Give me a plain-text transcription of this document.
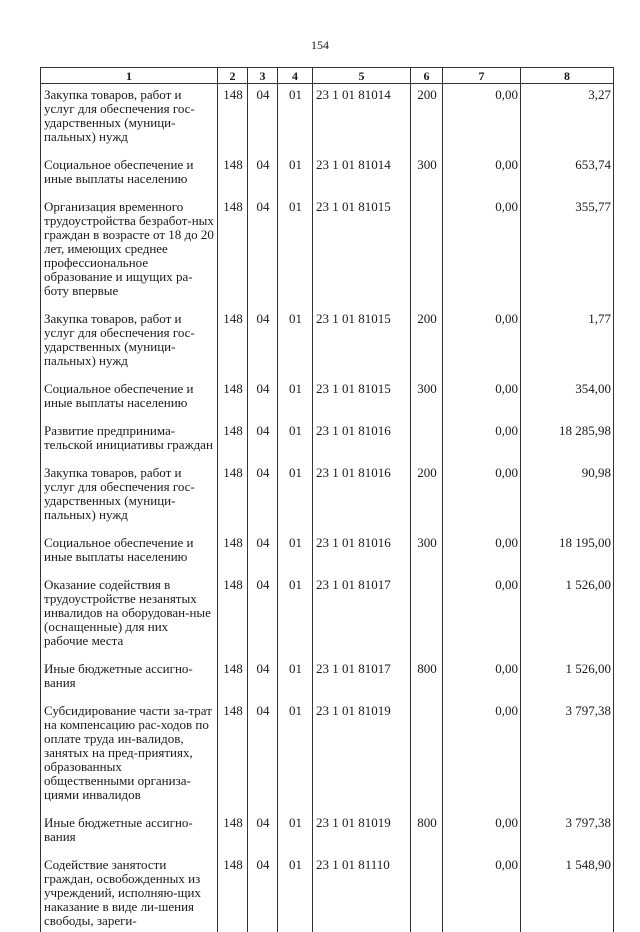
154
1	2	3	4	5	6	7	8
Закупка товаров, работ и услуг для обеспечения гос-ударственных (муници-пальных) нужд	148	04	01	23 1 01 81014	200	0,00	3,27
Социальное обеспечение и иные выплаты населению	148	04	01	23 1 01 81014	300	0,00	653,74
Организация временного трудоустройства безработ-ных граждан в возрасте от 18 до 20 лет, имеющих среднее профессиональное образование и ищущих ра-боту впервые	148	04	01	23 1 01 81015		0,00	355,77
Закупка товаров, работ и услуг для обеспечения гос-ударственных (муници-пальных) нужд	148	04	01	23 1 01 81015	200	0,00	1,77
Социальное обеспечение и иные выплаты населению	148	04	01	23 1 01 81015	300	0,00	354,00
Развитие предпринима-тельской инициативы граждан	148	04	01	23 1 01 81016		0,00	18 285,98
Закупка товаров, работ и услуг для обеспечения гос-ударственных (муници-пальных) нужд	148	04	01	23 1 01 81016	200	0,00	90,98
Социальное обеспечение и иные выплаты населению	148	04	01	23 1 01 81016	300	0,00	18 195,00
Оказание содействия в трудоустройстве незанятых инвалидов на оборудован-ные (оснащенные) для них рабочие места	148	04	01	23 1 01 81017		0,00	1 526,00
Иные бюджетные ассигно-вания	148	04	01	23 1 01 81017	800	0,00	1 526,00
Субсидирование части за-трат на компенсацию рас-ходов по оплате труда ин-валидов, занятых на пред-приятиях, образованных общественными организа-циями инвалидов	148	04	01	23 1 01 81019		0,00	3 797,38
Иные бюджетные ассигно-вания	148	04	01	23 1 01 81019	800	0,00	3 797,38
Содействие занятости граждан, освобожденных из учреждений, исполняю-щих наказание в виде ли-шения свободы, зареги-	148	04	01	23 1 01 81110		0,00	1 548,90
